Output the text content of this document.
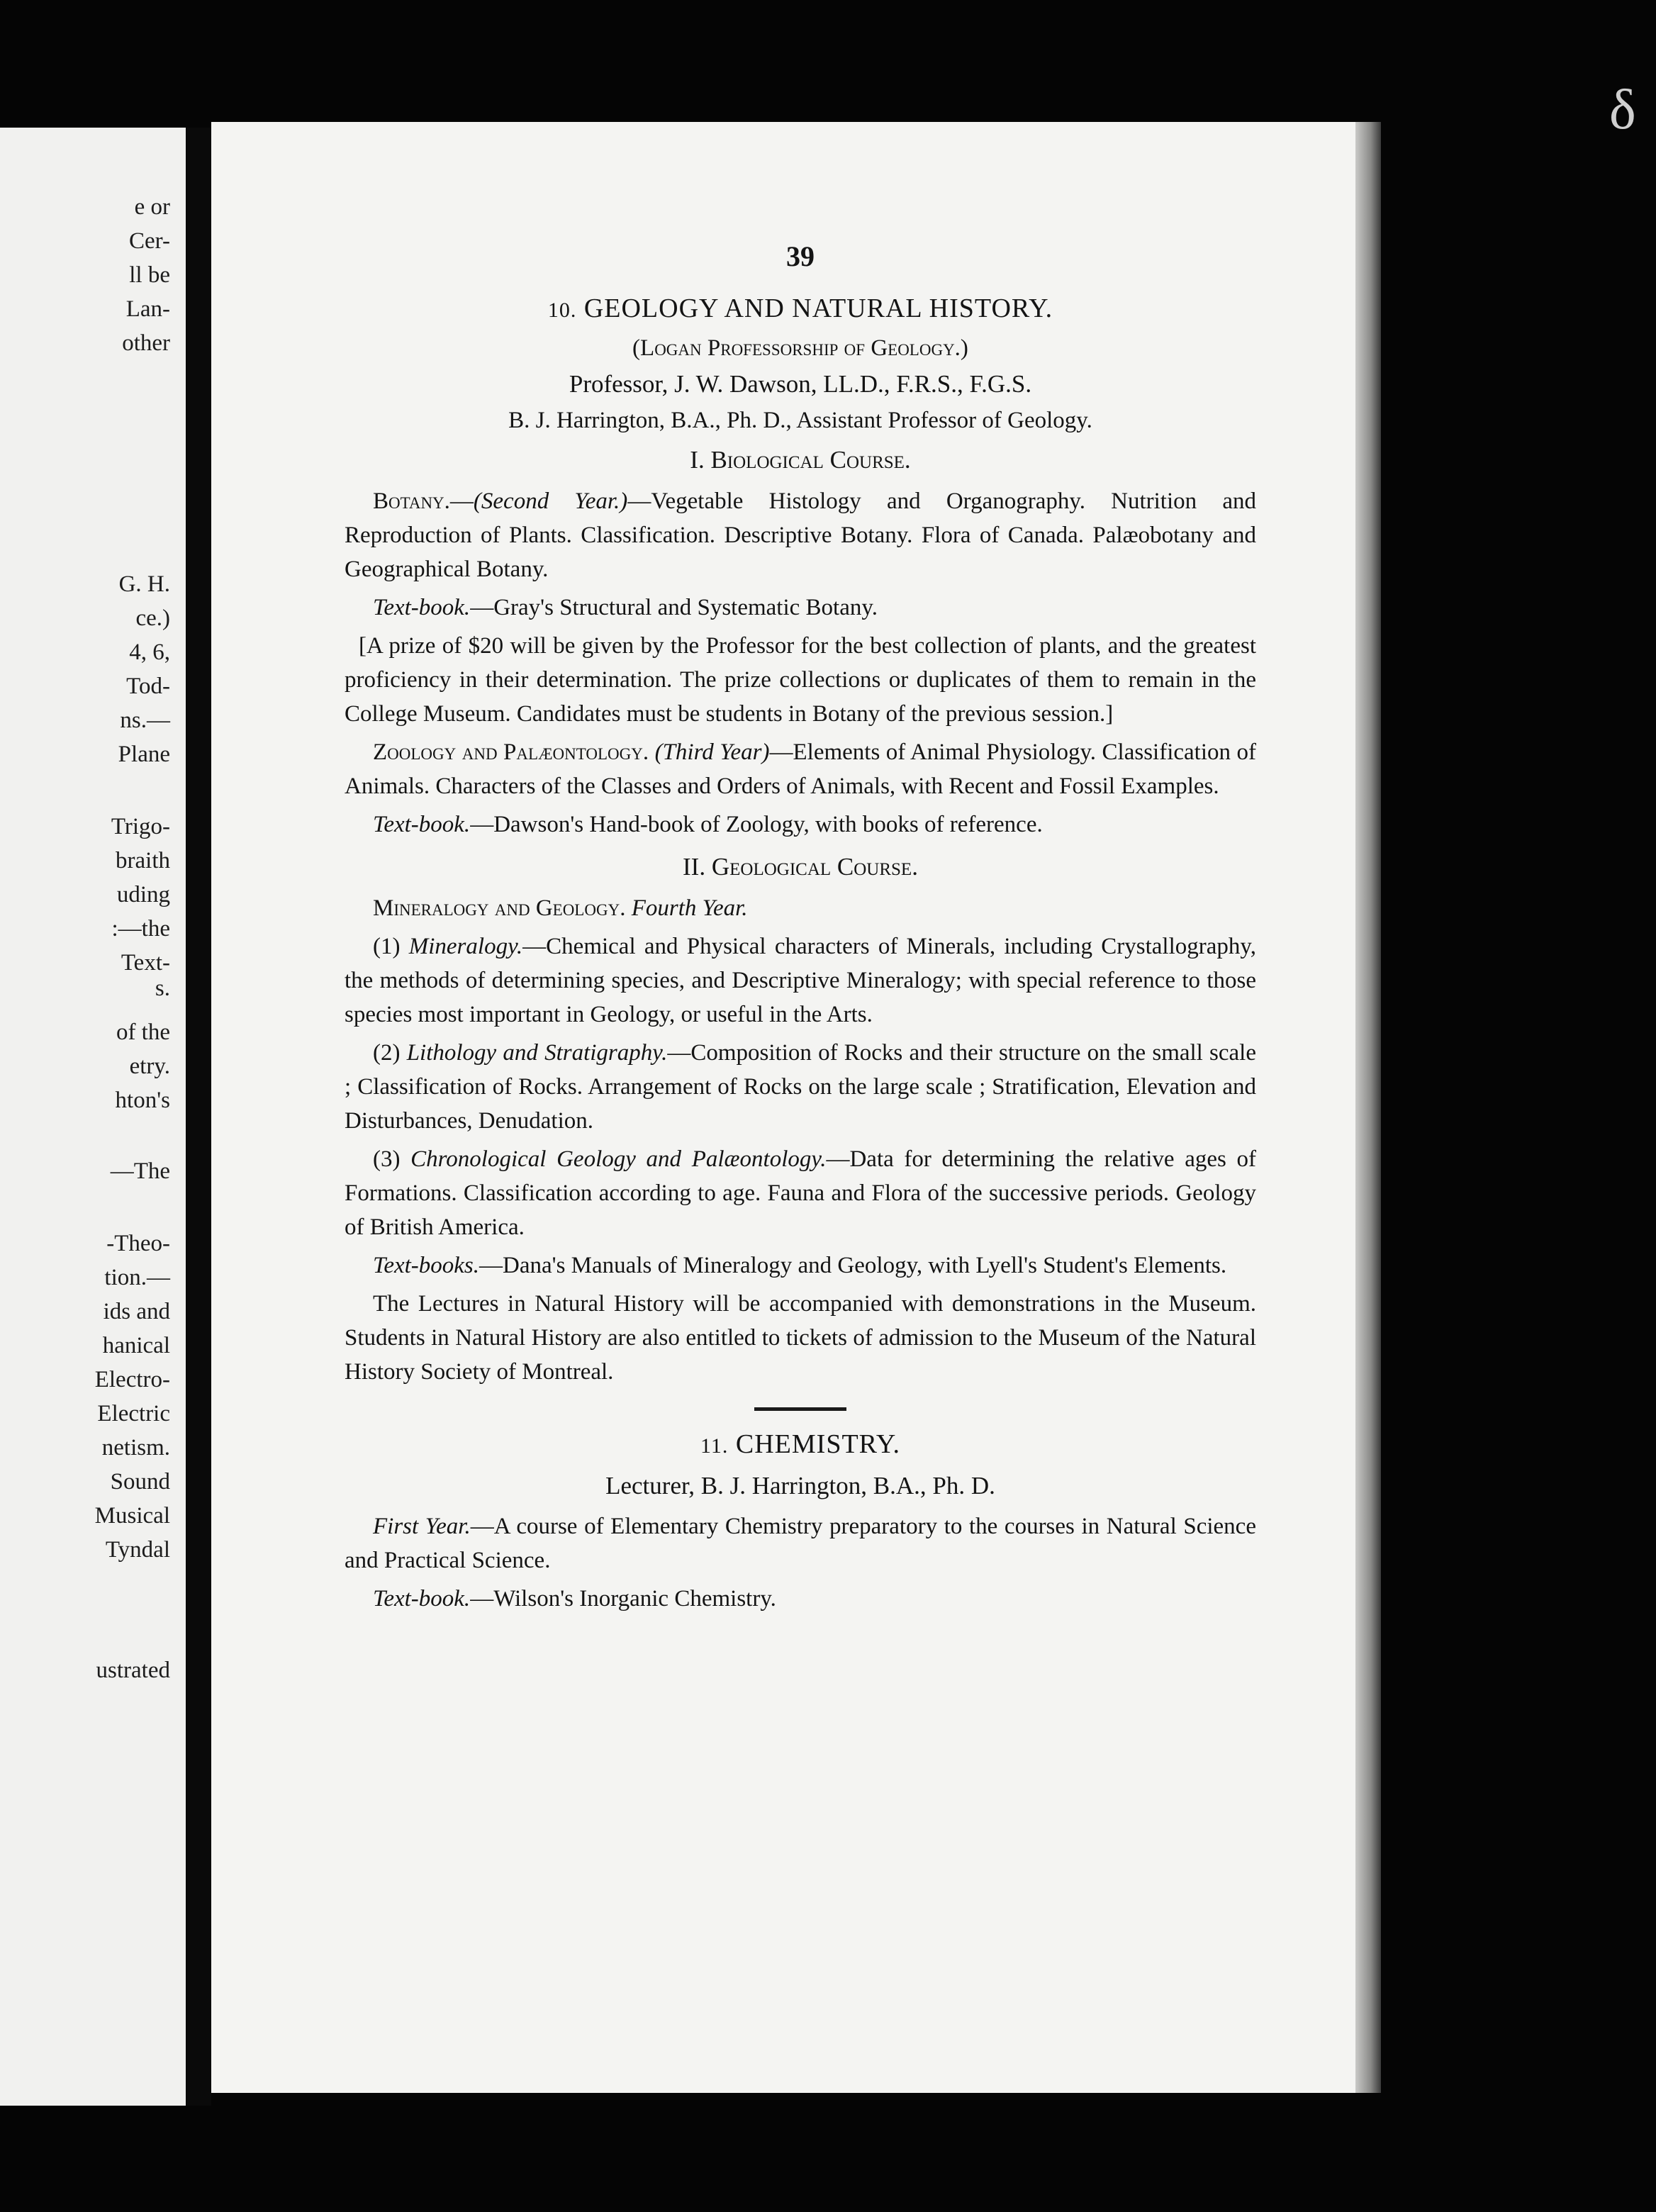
e or
Cer-
ll be
Lan-
other
G. H.
ce.)
4, 6,
Tod-
ns.—
Plane
Trigo-
braith
uding
:—the
Text-
s.
of the
etry.
hton's
—The
-Theo-
tion.—
ids and
hanical
Electro-
Electric
netism.
Sound
Musical
Tyndal
ustrated
39
10. GEOLOGY AND NATURAL HISTORY.
(Logan Professorship of Geology.)
Professor, J. W. Dawson, LL.D., F.R.S., F.G.S.
B. J. Harrington, B.A., Ph. D., Assistant Professor of Geology.
I. Biological Course.

Botany.—(Second Year.)—Vegetable Histology and Organography. Nutrition and Reproduction of Plants. Classification. Descriptive Botany. Flora of Canada. Palæobotany and Geographical Botany.

Text-book.—Gray's Structural and Systematic Botany.

[A prize of $20 will be given by the Professor for the best collection of plants, and the greatest proficiency in their determination. The prize collections or duplicates of them to remain in the College Museum. Candidates must be students in Botany of the previous session.]

Zoology and Palæontology. (Third Year)—Elements of Animal Physiology. Classification of Animals. Characters of the Classes and Orders of Animals, with Recent and Fossil Examples.

Text-book.—Dawson's Hand-book of Zoology, with books of reference.

II. Geological Course.

Mineralogy and Geology. Fourth Year.

(1) Mineralogy.—Chemical and Physical characters of Minerals, including Crystallography, the methods of determining species, and Descriptive Mineralogy; with special reference to those species most important in Geology, or useful in the Arts.

(2) Lithology and Stratigraphy.—Composition of Rocks and their structure on the small scale ; Classification of Rocks. Arrangement of Rocks on the large scale ; Stratification, Elevation and Disturbances, Denudation.

(3) Chronological Geology and Palæontology.—Data for determining the relative ages of Formations. Classification according to age. Fauna and Flora of the successive periods. Geology of British America.

Text-books.—Dana's Manuals of Mineralogy and Geology, with Lyell's Student's Elements.

The Lectures in Natural History will be accompanied with demonstrations in the Museum. Students in Natural History are also entitled to tickets of admission to the Museum of the Natural History Society of Montreal.

11. CHEMISTRY.
Lecturer, B. J. Harrington, B.A., Ph. D.

First Year.—A course of Elementary Chemistry preparatory to the courses in Natural Science and Practical Science.

Text-book.—Wilson's Inorganic Chemistry.

δ
